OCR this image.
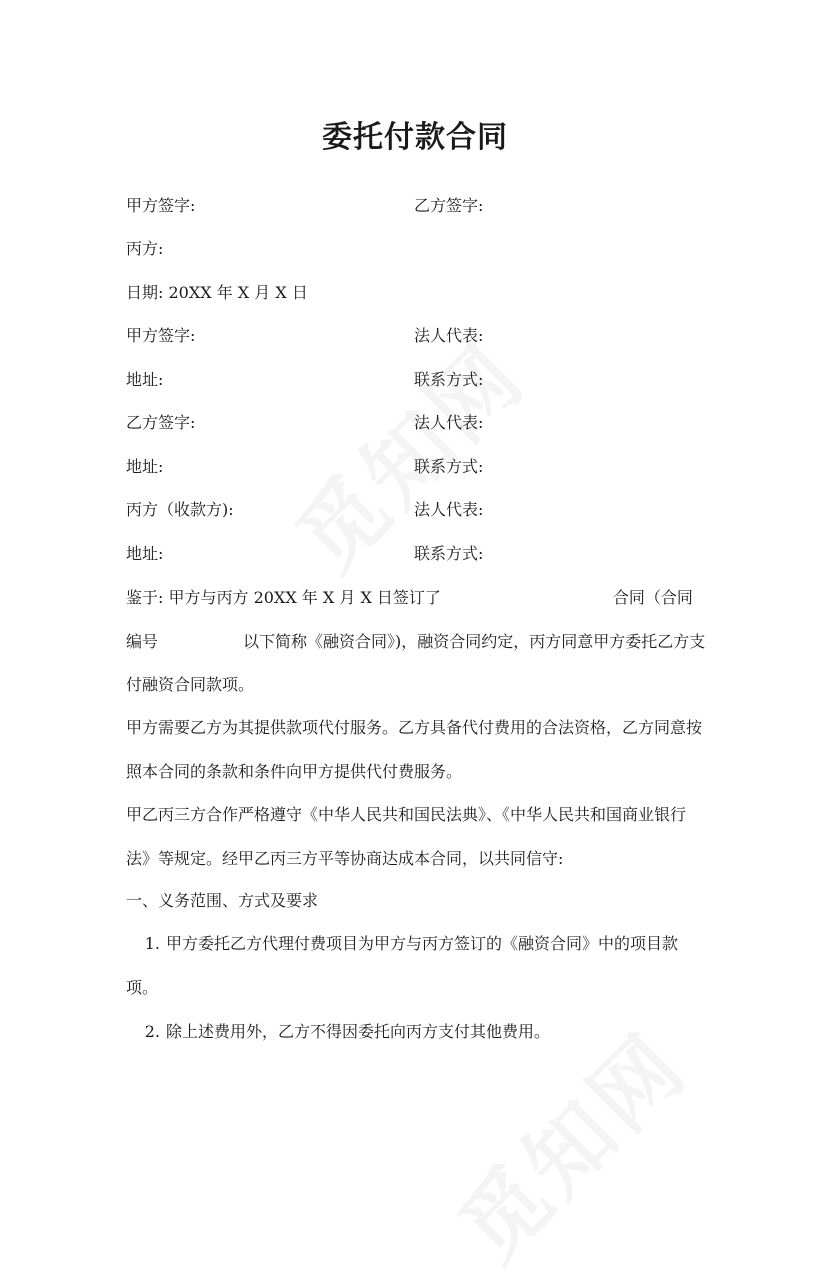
委托付款合同
甲方签字:	乙方签字:
丙方:
日期: 20XX 年 X 月 X 日
甲方签字:	法人代表:
地址:	联系方式:
乙方签字:	法人代表:
地址:	联系方式:
丙方（收款方):	法人代表:
地址:	联系方式:
鉴于: 甲方与丙方 20XX 年 X 月 X 日签订了	合同（合同编号	以下简称《融资合同》)，融资合同约定，丙方同意甲方委托乙方支付融资合同款项。
甲方需要乙方为其提供款项代付服务。乙方具备代付费用的合法资格，乙方同意按照本合同的条款和条件向甲方提供代付费服务。
甲乙丙三方合作严格遵守《中华人民共和国民法典》、《中华人民共和国商业银行法》等规定。经甲乙丙三方平等协商达成本合同，以共同信守:
一、义务范围、方式及要求
1. 甲方委托乙方代理付费项目为甲方与丙方签订的《融资合同》中的项目款项。
2. 除上述费用外，乙方不得因委托向丙方支付其他费用。
